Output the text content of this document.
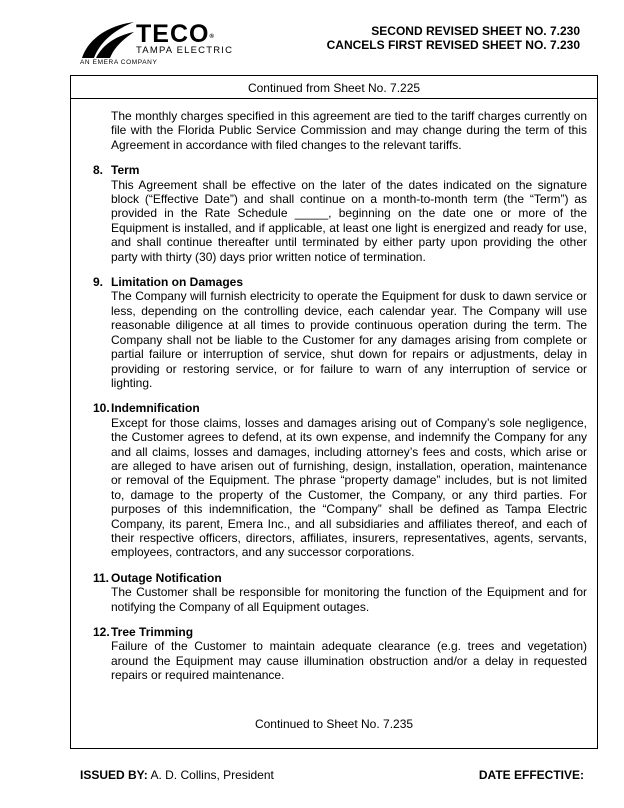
TECO®
TAMPA ELECTRIC
AN EMERA COMPANY
SECOND REVISED SHEET NO. 7.230
CANCELS FIRST REVISED SHEET NO. 7.230
Continued from Sheet No. 7.225

The monthly charges specified in this agreement are tied to the tariff charges currently on file with the Florida Public Service Commission and may change during the term of this Agreement in accordance with filed changes to the relevant tariffs.

8. Term
This Agreement shall be effective on the later of the dates indicated on the signature block (“Effective Date”) and shall continue on a month-to-month term (the “Term”) as provided in the Rate Schedule _____, beginning on the date one or more of the Equipment is installed, and if applicable, at least one light is energized and ready for use, and shall continue thereafter until terminated by either party upon providing the other party with thirty (30) days prior written notice of termination.
9. Limitation on Damages
The Company will furnish electricity to operate the Equipment for dusk to dawn service or less, depending on the controlling device, each calendar year. The Company will use reasonable diligence at all times to provide continuous operation during the term. The Company shall not be liable to the Customer for any damages arising from complete or partial failure or interruption of service, shut down for repairs or adjustments, delay in providing or restoring service, or for failure to warn of any interruption of service or lighting.
10. Indemnification
Except for those claims, losses and damages arising out of Company’s sole negligence, the Customer agrees to defend, at its own expense, and indemnify the Company for any and all claims, losses and damages, including attorney’s fees and costs, which arise or are alleged to have arisen out of furnishing, design, installation, operation, maintenance or removal of the Equipment. The phrase “property damage” includes, but is not limited to, damage to the property of the Customer, the Company, or any third parties. For purposes of this indemnification, the “Company” shall be defined as Tampa Electric Company, its parent, Emera Inc., and all subsidiaries and affiliates thereof, and each of their respective officers, directors, affiliates, insurers, representatives, agents, servants, employees, contractors, and any successor corporations.
11. Outage Notification
The Customer shall be responsible for monitoring the function of the Equipment and for notifying the Company of all Equipment outages.
12. Tree Trimming
Failure of the Customer to maintain adequate clearance (e.g. trees and vegetation) around the Equipment may cause illumination obstruction and/or a delay in requested repairs or required maintenance.
Continued to Sheet No. 7.235
ISSUED BY: A. D. Collins, President	DATE EFFECTIVE:
